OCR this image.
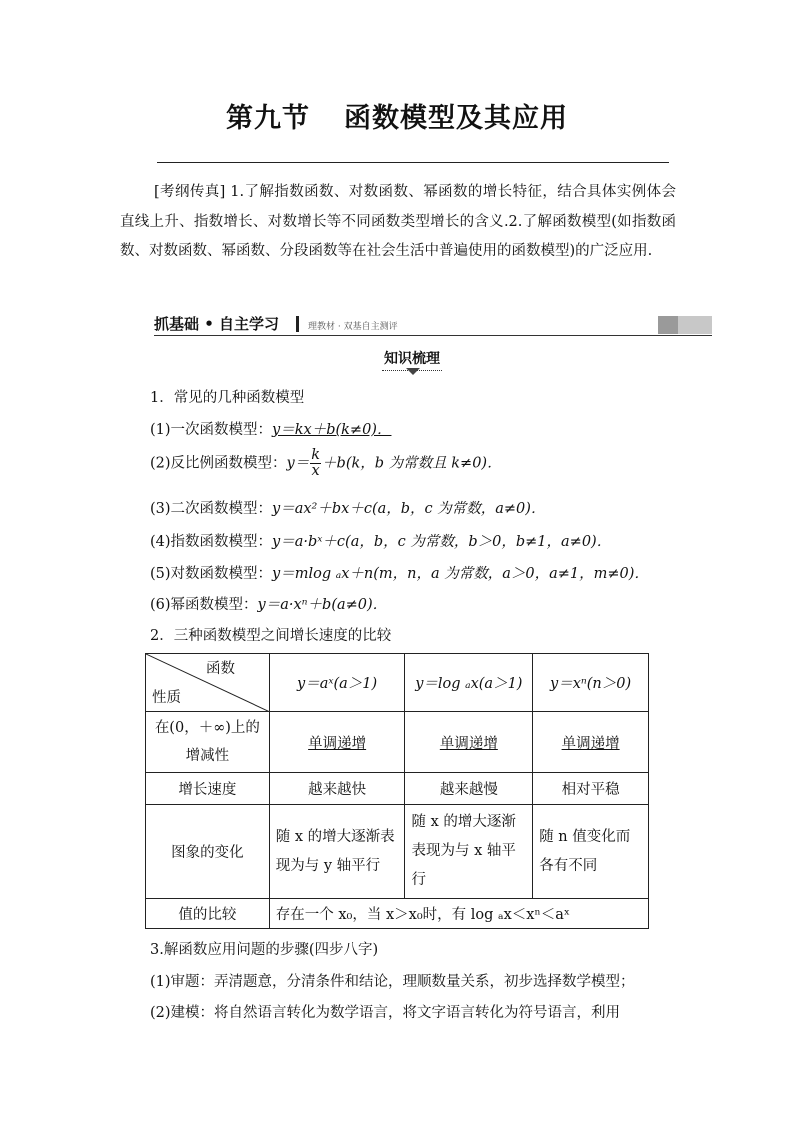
第九节 函数模型及其应用
[考纲传真] 1.了解指数函数、对数函数、幂函数的增长特征，结合具体实例体会直线上升、指数增长、对数增长等不同函数类型增长的含义.2.了解函数模型(如指数函数、对数函数、幂函数、分段函数等在社会生活中普遍使用的函数模型)的广泛应用.
抓基础 • 自主学习	理教材 · 双基自主测评
知识梳理
1．常见的几种函数模型
(1)一次函数模型：y＝kx＋b(k≠0)．
(2)反比例函数模型：$y= \frac{k}{x} +b(k$，b 为常数且 k≠0)．
(3)二次函数模型：y＝ax²＋bx＋c(a，b，c 为常数，a≠0)．
(4)指数函数模型：y＝a·bˣ＋c(a，b，c 为常数，b＞0，b≠1，a≠0)．
(5)对数函数模型：y＝mlog ₐx＋n(m，n，a 为常数，a＞0，a≠1，m≠0)．
(6)幂函数模型：y＝a·xⁿ＋b(a≠0)．
2．三种函数模型之间增长速度的比较
函数
性质	y＝aˣ(a＞1)	y＝log ₐx(a＞1)	y＝xⁿ(n＞0)
在(0，＋∞)上的增减性	单调递增	单调递增	单调递增
增长速度	越来越快	越来越慢	相对平稳
图象的变化	随 x 的增大逐渐表现为与 y 轴平行	随 x 的增大逐渐表现为与 x 轴平行	随 n 值变化而各有不同
值的比较	存在一个 x₀，当 x＞x₀时，有 log ₐx＜xⁿ＜aˣ		
3.解函数应用问题的步骤(四步八字)
(1)审题：弄清题意，分清条件和结论，理顺数量关系，初步选择数学模型；
(2)建模：将自然语言转化为数学语言，将文字语言转化为符号语言，利用
